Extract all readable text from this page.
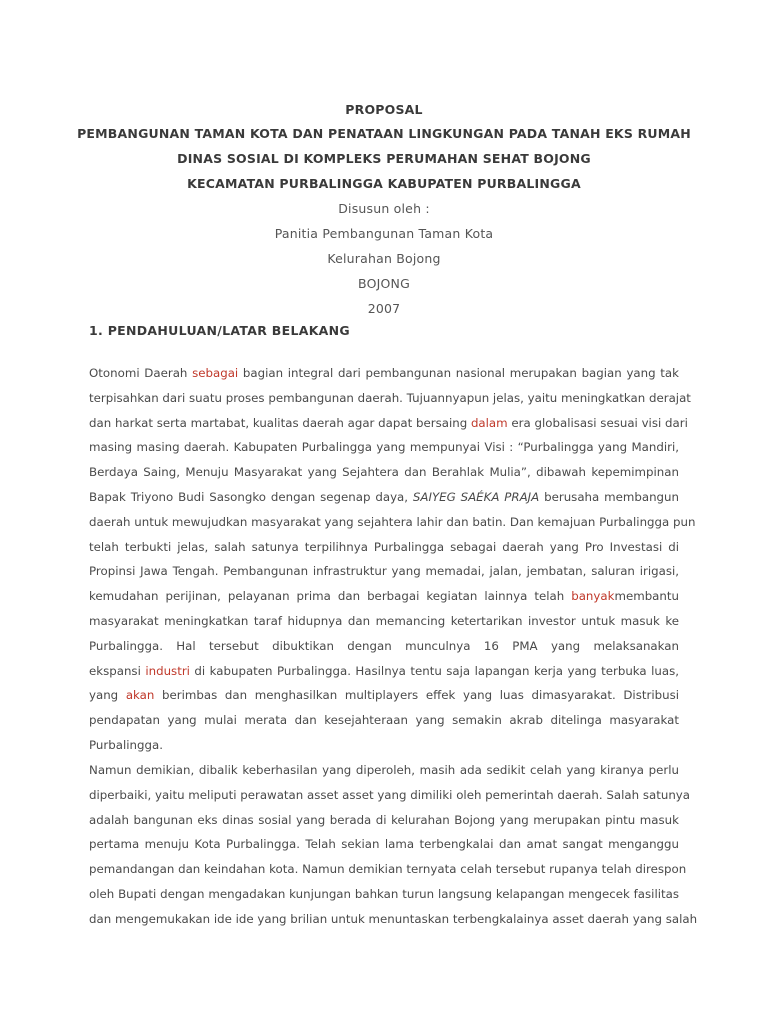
PROPOSAL
PEMBANGUNAN TAMAN KOTA DAN PENATAAN LINGKUNGAN PADA TANAH EKS RUMAH
DINAS SOSIAL DI KOMPLEKS PERUMAHAN SEHAT BOJONG
KECAMATAN PURBALINGGA KABUPATEN PURBALINGGA
Disusun oleh :
Panitia Pembangunan Taman Kota
Kelurahan Bojong
BOJONG
2007
1. PENDAHULUAN/LATAR BELAKANG
Otonomi Daerah sebagai bagian integral dari pembangunan nasional merupakan bagian yang tak
terpisahkan dari suatu proses pembangunan daerah. Tujuannyapun jelas, yaitu meningkatkan derajat
dan harkat serta martabat, kualitas daerah agar dapat bersaing dalam era globalisasi sesuai visi dari
masing masing daerah. Kabupaten Purbalingga yang mempunyai Visi : “Purbalingga yang Mandiri,
Berdaya Saing, Menuju Masyarakat yang Sejahtera dan Berahlak Mulia”, dibawah kepemimpinan
Bapak Triyono Budi Sasongko dengan segenap daya, SAIYEG SAÉKA PRAJA berusaha membangun
daerah untuk mewujudkan masyarakat yang sejahtera lahir dan batin. Dan kemajuan Purbalingga pun
telah terbukti jelas, salah satunya terpilihnya Purbalingga sebagai daerah yang Pro Investasi di
Propinsi Jawa Tengah. Pembangunan infrastruktur yang memadai, jalan, jembatan, saluran irigasi,
kemudahan perijinan, pelayanan prima dan berbagai kegiatan lainnya telah banyakmembantu
masyarakat meningkatkan taraf hidupnya dan memancing ketertarikan investor untuk masuk ke
Purbalingga. Hal tersebut dibuktikan dengan munculnya 16 PMA yang melaksanakan
ekspansi industri di kabupaten Purbalingga. Hasilnya tentu saja lapangan kerja yang terbuka luas,
yang akan berimbas dan menghasilkan multiplayers effek yang luas dimasyarakat. Distribusi
pendapatan yang mulai merata dan kesejahteraan yang semakin akrab ditelinga masyarakat
Purbalingga.
Namun demikian, dibalik keberhasilan yang diperoleh, masih ada sedikit celah yang kiranya perlu
diperbaiki, yaitu meliputi perawatan asset asset yang dimiliki oleh pemerintah daerah. Salah satunya
adalah bangunan eks dinas sosial yang berada di kelurahan Bojong yang merupakan pintu masuk
pertama menuju Kota Purbalingga. Telah sekian lama terbengkalai dan amat sangat menganggu
pemandangan dan keindahan kota. Namun demikian ternyata celah tersebut rupanya telah direspon
oleh Bupati dengan mengadakan kunjungan bahkan turun langsung kelapangan mengecek fasilitas
dan mengemukakan ide ide yang brilian untuk menuntaskan terbengkalainya asset daerah yang salah
